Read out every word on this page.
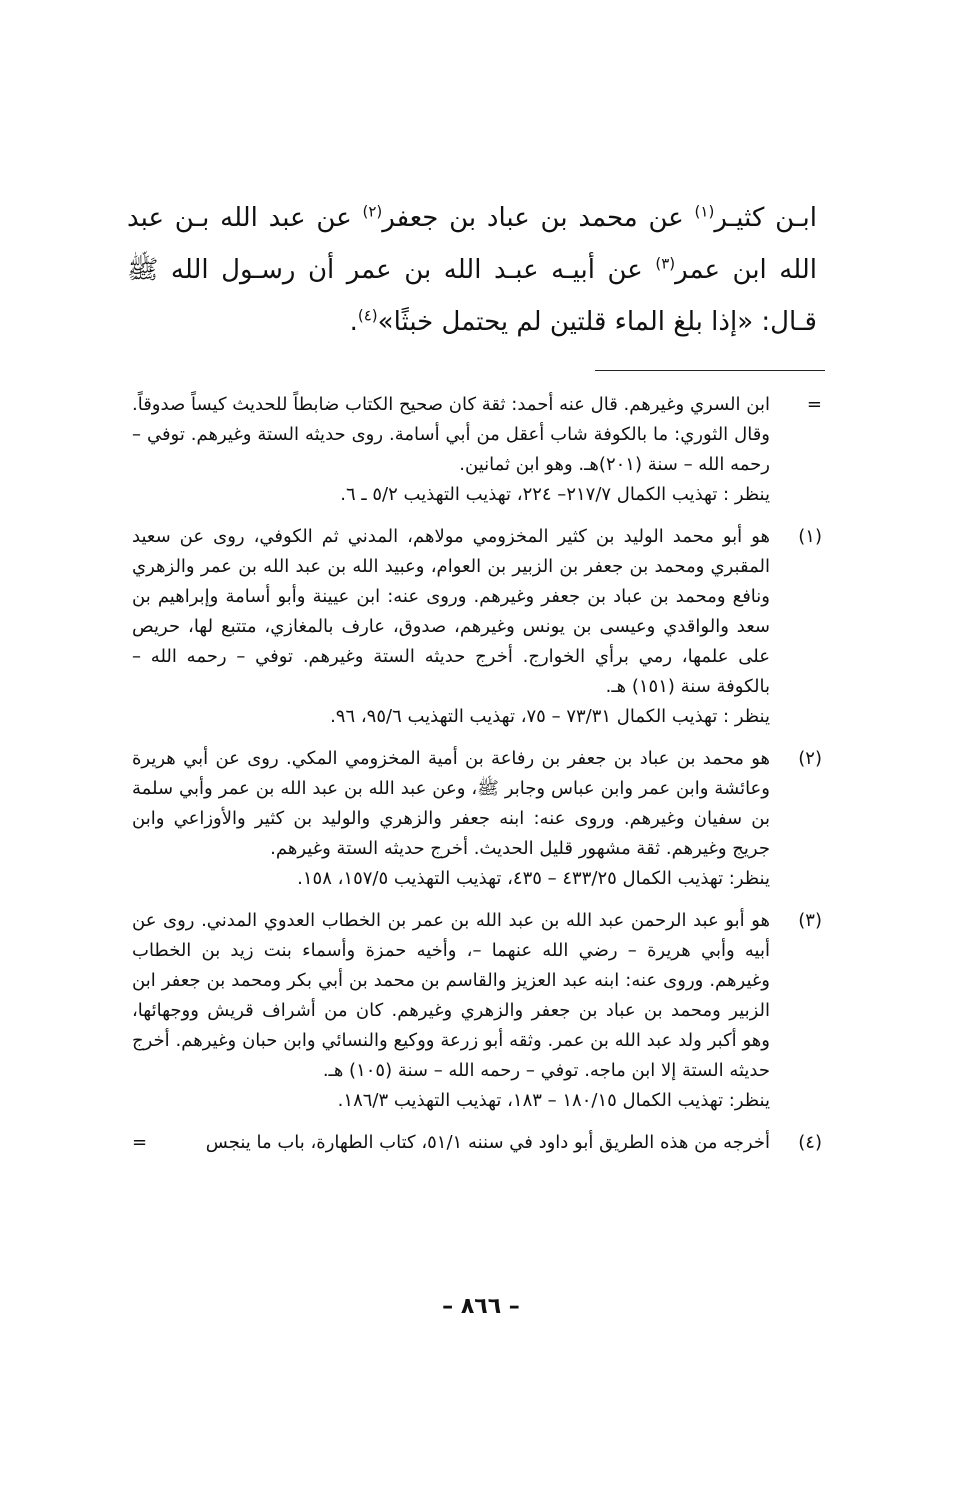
ابـن كثيـر$^{(١)}$ عن محمد بن عباد بن جعفر$^{(٢)}$ عن عبد الله بـن عبد الله ابن عمر$^{(٣)}$ عن أبيـه عبـد الله بن عمر أن رسـول الله ﷺ قـال: «إذا بلغ الماء قلتين لم يحتمل خبثًا»$^{(٤)}$.
=
ابن السري وغيرهم. قال عنه أحمد: ثقة كان صحيح الكتاب ضابطاً للحديث كيساً صدوقاً. وقال الثوري: ما بالكوفة شاب أعقل من أبي أسامة. روى حديثه الستة وغيرهم. توفي – رحمه الله – سنة (٢٠١)هـ. وهو ابن ثمانين.
ينظر : تهذيب الكمال ٢١٧/٧– ٢٢٤، تهذيب التهذيب ٥/٢ ـ ٦.
(١)
هو أبو محمد الوليد بن كثير المخزومي مولاهم، المدني ثم الكوفي، روى عن سعيد المقبري ومحمد بن جعفر بن الزبير بن العوام، وعبيد الله بن عبد الله بن عمر والزهري ونافع ومحمد بن عباد بن جعفر وغيرهم. وروى عنه: ابن عيينة وأبو أسامة وإبراهيم بن سعد والواقدي وعيسى بن يونس وغيرهم، صدوق، عارف بالمغازي، متتبع لها، حريص على علمها، رمي برأي الخوارج. أخرج حديثه الستة وغيرهم. توفي – رحمه الله – بالكوفة سنة (١٥١) هـ.
ينظر : تهذيب الكمال ٧٣/٣١ – ٧٥، تهذيب التهذيب ٩٥/٦، ٩٦.
(٢)
هو محمد بن عباد بن جعفر بن رفاعة بن أمية المخزومي المكي. روى عن أبي هريرة وعائشة وابن عمر وابن عباس وجابر ﷺ، وعن عبد الله بن عبد الله بن عمر وأبي سلمة بن سفيان وغيرهم. وروى عنه: ابنه جعفر والزهري والوليد بن كثير والأوزاعي وابن جريج وغيرهم. ثقة مشهور قليل الحديث. أخرج حديثه الستة وغيرهم.
ينظر: تهذيب الكمال ٤٣٣/٢٥ – ٤٣٥، تهذيب التهذيب ١٥٧/٥، ١٥٨.
(٣)
هو أبو عبد الرحمن عبد الله بن عبد الله بن عمر بن الخطاب العدوي المدني. روى عن أبيه وأبي هريرة – رضي الله عنهما –، وأخيه حمزة وأسماء بنت زيد بن الخطاب وغيرهم. وروى عنه: ابنه عبد العزيز والقاسم بن محمد بن أبي بكر ومحمد بن جعفر ابن الزبير ومحمد بن عباد بن جعفر والزهري وغيرهم. كان من أشراف قريش ووجهائها، وهو أكبر ولد عبد الله بن عمر. وثقه أبو زرعة ووكيع والنسائي وابن حبان وغيرهم. أخرج حديثه الستة إلا ابن ماجه. توفي – رحمه الله – سنة (١٠٥) هـ.
ينظر: تهذيب الكمال ١٨٠/١٥ – ١٨٣، تهذيب التهذيب ١٨٦/٣.
(٤)
أخرجه من هذه الطريق أبو داود في سننه ٥١/١، كتاب الطهارة، باب ما ينجس
=
– ٨٦٦ –
